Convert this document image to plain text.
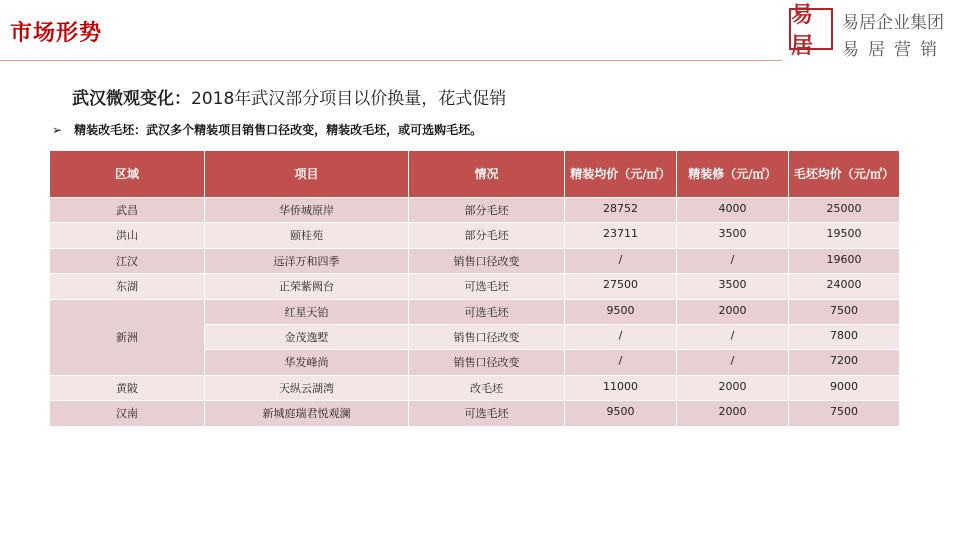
市场形势
易居
易居企业集团
易居营销
武汉微观变化：2018年武汉部分项目以价换量，花式促销
➢ 精装改毛坯：武汉多个精装项目销售口径改变，精装改毛坯，或可选购毛坯。
区域	项目	情况	精装均价（元/㎡）	精装修（元/㎡）	毛坯均价（元/㎡）
武昌	华侨城原岸	部分毛坯	28752	4000	25000
洪山	颐桂苑	部分毛坯	23711	3500	19500
江汉	远洋万和四季	销售口径改变	/	/	19600
东湖	正荣紫阙台	可选毛坯	27500	3500	24000
新洲	红星天铂	可选毛坯	9500	2000	7500
	金茂逸墅	销售口径改变	/	/	7800
	华发峰尚	销售口径改变	/	/	7200
黄陂	天纵云湖湾	改毛坯	11000	2000	9000
汉南	新城庭瑞君悦观澜	可选毛坯	9500	2000	7500
